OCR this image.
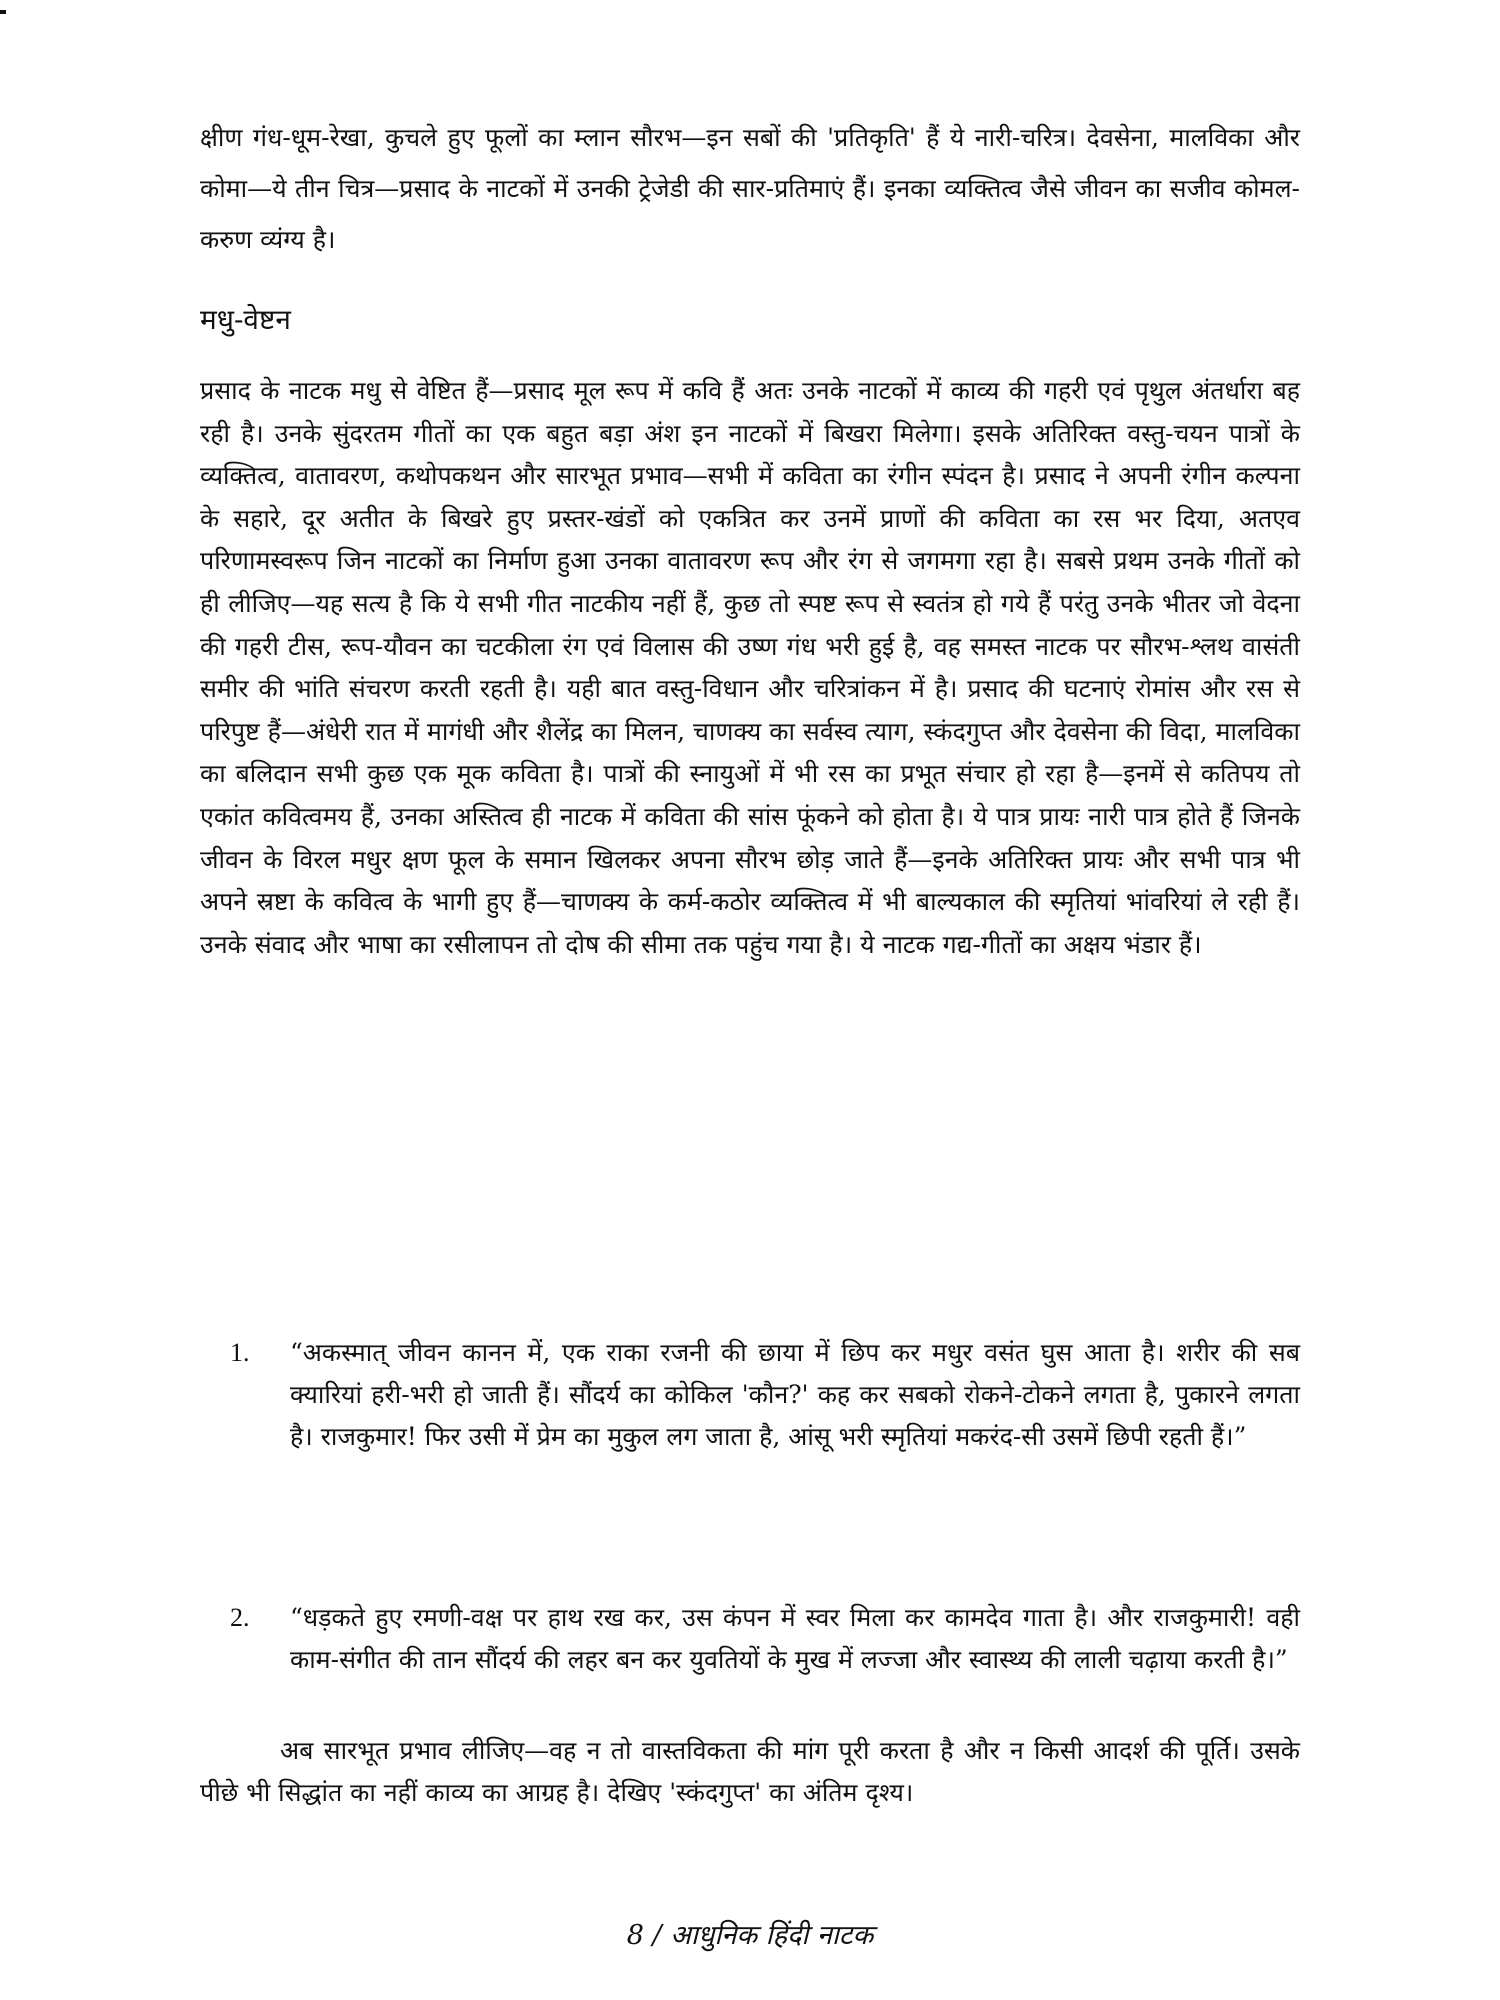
क्षीण गंध-धूम-रेखा, कुचले हुए फूलों का म्लान सौरभ—इन सबों की 'प्रतिकृति' हैं ये नारी-चरित्र। देवसेना, मालविका और कोमा—ये तीन चित्र—प्रसाद के नाटकों में उनकी ट्रेजेडी की सार-प्रतिमाएं हैं। इनका व्यक्तित्व जैसे जीवन का सजीव कोमल-करुण व्यंग्य है।

मधु-वेष्टन

प्रसाद के नाटक मधु से वेष्टित हैं—प्रसाद मूल रूप में कवि हैं अतः उनके नाटकों में काव्य की गहरी एवं पृथुल अंतर्धारा बह रही है। उनके सुंदरतम गीतों का एक बहुत बड़ा अंश इन नाटकों में बिखरा मिलेगा। इसके अतिरिक्त वस्तु-चयन पात्रों के व्यक्तित्व, वातावरण, कथोपकथन और सारभूत प्रभाव—सभी में कविता का रंगीन स्पंदन है। प्रसाद ने अपनी रंगीन कल्पना के सहारे, दूर अतीत के बिखरे हुए प्रस्तर-खंडों को एकत्रित कर उनमें प्राणों की कविता का रस भर दिया, अतएव परिणामस्वरूप जिन नाटकों का निर्माण हुआ उनका वातावरण रूप और रंग से जगमगा रहा है। सबसे प्रथम उनके गीतों को ही लीजिए—यह सत्य है कि ये सभी गीत नाटकीय नहीं हैं, कुछ तो स्पष्ट रूप से स्वतंत्र हो गये हैं परंतु उनके भीतर जो वेदना की गहरी टीस, रूप-यौवन का चटकीला रंग एवं विलास की उष्ण गंध भरी हुई है, वह समस्त नाटक पर सौरभ-श्लथ वासंती समीर की भांति संचरण करती रहती है। यही बात वस्तु-विधान और चरित्रांकन में है। प्रसाद की घटनाएं रोमांस और रस से परिपुष्ट हैं—अंधेरी रात में मागंधी और शैलेंद्र का मिलन, चाणक्य का सर्वस्व त्याग, स्कंदगुप्त और देवसेना की विदा, मालविका का बलिदान सभी कुछ एक मूक कविता है। पात्रों की स्नायुओं में भी रस का प्रभूत संचार हो रहा है—इनमें से कतिपय तो एकांत कवित्वमय हैं, उनका अस्तित्व ही नाटक में कविता की सांस फूंकने को होता है। ये पात्र प्रायः नारी पात्र होते हैं जिनके जीवन के विरल मधुर क्षण फूल के समान खिलकर अपना सौरभ छोड़ जाते हैं—इनके अतिरिक्त प्रायः और सभी पात्र भी अपने स्रष्टा के कवित्व के भागी हुए हैं—चाणक्य के कर्म-कठोर व्यक्तित्व में भी बाल्यकाल की स्मृतियां भांवरियां ले रही हैं। उनके संवाद और भाषा का रसीलापन तो दोष की सीमा तक पहुंच गया है। ये नाटक गद्य-गीतों का अक्षय भंडार हैं।

1. “अकस्मात् जीवन कानन में, एक राका रजनी की छाया में छिप कर मधुर वसंत घुस आता है। शरीर की सब क्यारियां हरी-भरी हो जाती हैं। सौंदर्य का कोकिल 'कौन?' कह कर सबको रोकने-टोकने लगता है, पुकारने लगता है। राजकुमार! फिर उसी में प्रेम का मुकुल लग जाता है, आंसू भरी स्मृतियां मकरंद-सी उसमें छिपी रहती हैं।”
2. “धड़कते हुए रमणी-वक्ष पर हाथ रख कर, उस कंपन में स्वर मिला कर कामदेव गाता है। और राजकुमारी! वही काम-संगीत की तान सौंदर्य की लहर बन कर युवतियों के मुख में लज्जा और स्वास्थ्य की लाली चढ़ाया करती है।”

अब सारभूत प्रभाव लीजिए—वह न तो वास्तविकता की मांग पूरी करता है और न किसी आदर्श की पूर्ति। उसके पीछे भी सिद्धांत का नहीं काव्य का आग्रह है। देखिए 'स्कंदगुप्त' का अंतिम दृश्य।

8 / आधुनिक हिंदी नाटक
